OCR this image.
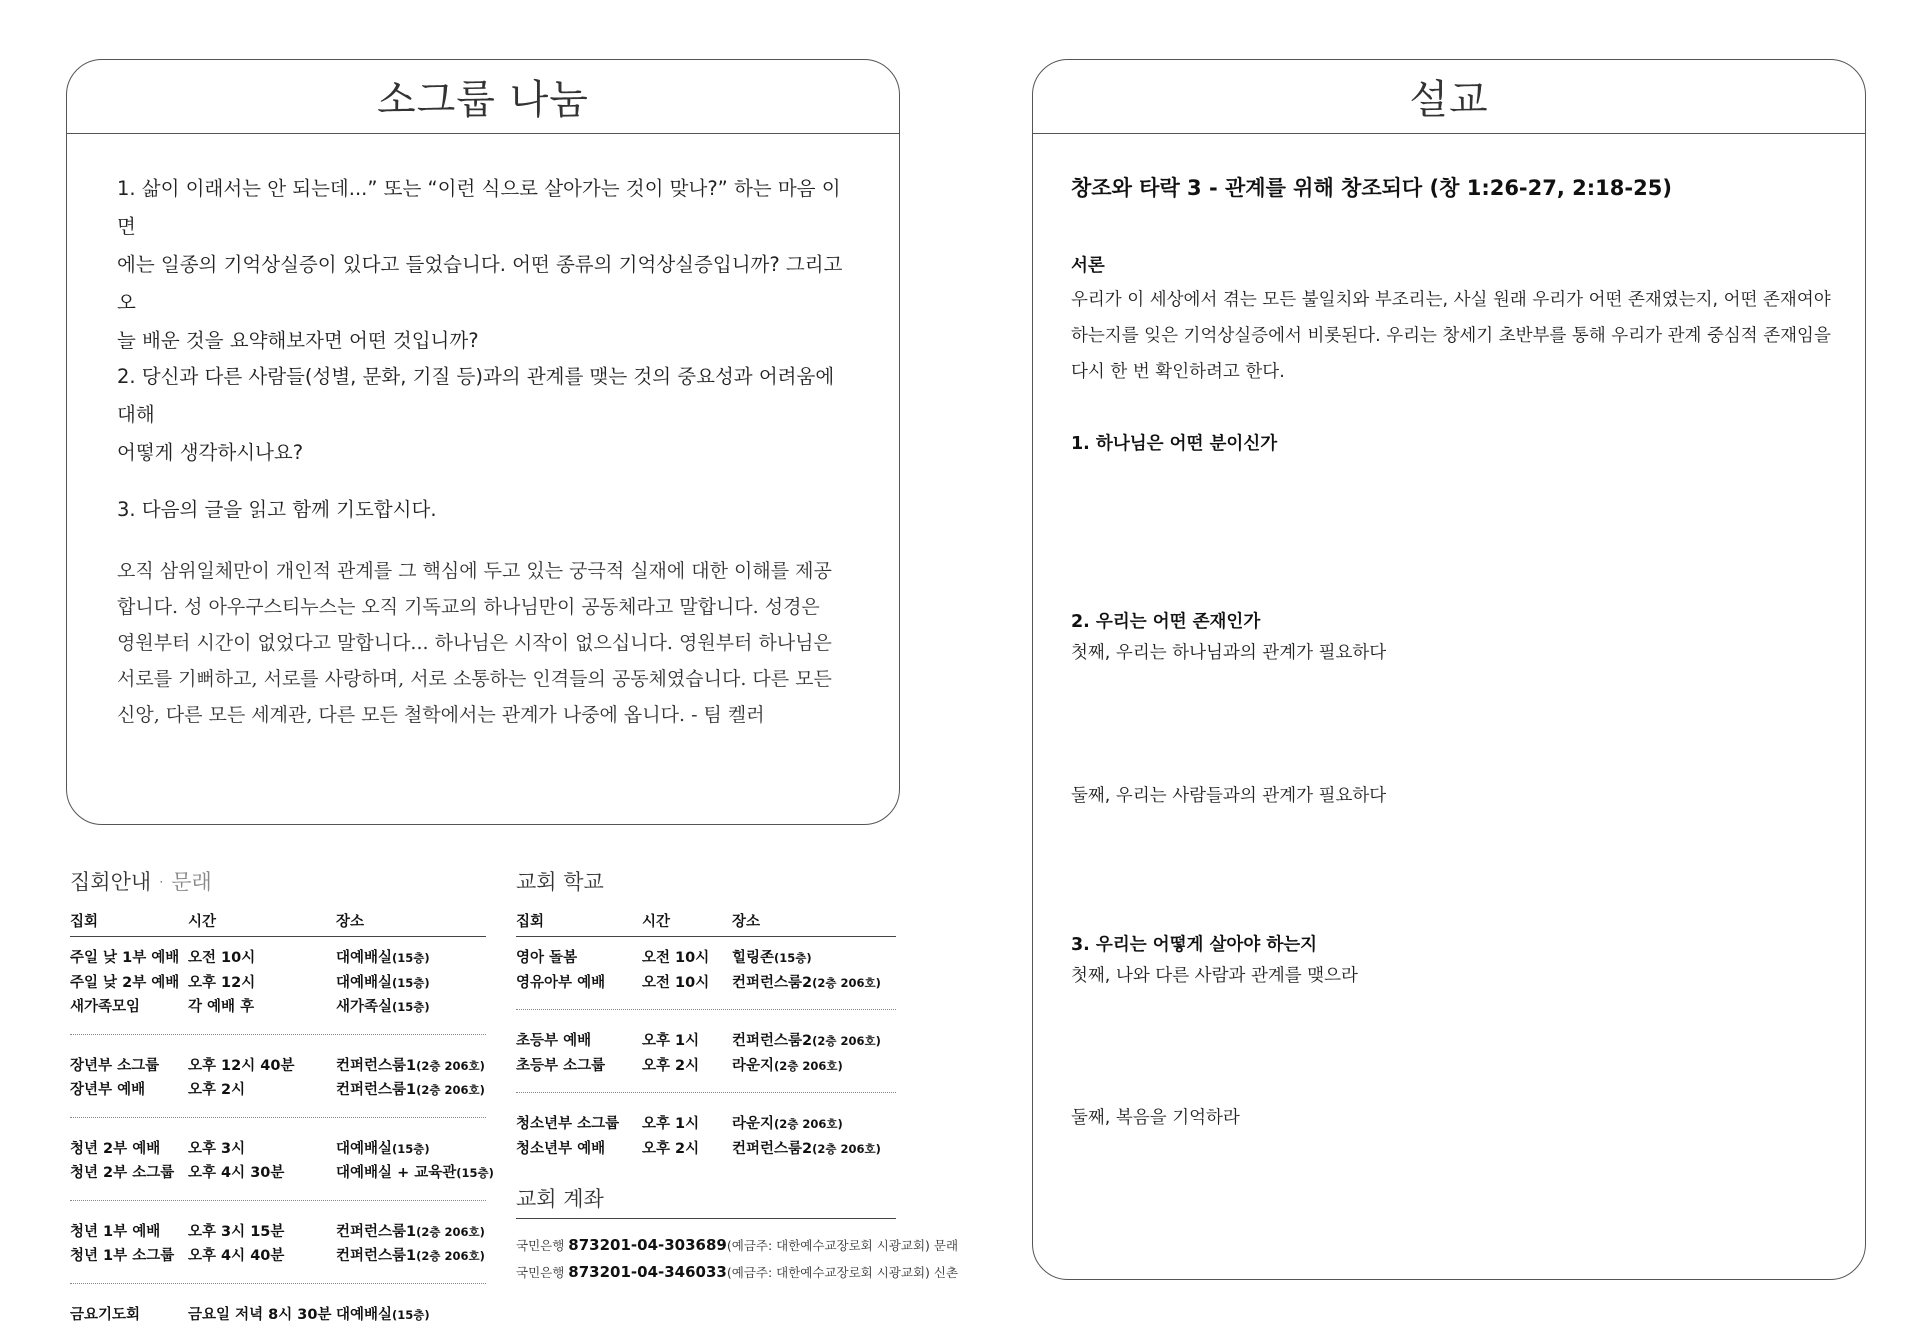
소그룹 나눔
1. 삶이 이래서는 안 되는데...” 또는 “이런 식으로 살아가는 것이 맞나?” 하는 마음 이면
에는 일종의 기억상실증이 있다고 들었습니다. 어떤 종류의 기억상실증입니까? 그리고 오
늘 배운 것을 요약해보자면 어떤 것입니까?
2. 당신과 다른 사람들(성별, 문화, 기질 등)과의 관계를 맺는 것의 중요성과 어려움에 대해
어떻게 생각하시나요?
3. 다음의 글을 읽고 함께 기도합시다.
오직 삼위일체만이 개인적 관계를 그 핵심에 두고 있는 궁극적 실재에 대한 이해를 제공
합니다. 성 아우구스티누스는 오직 기독교의 하나님만이 공동체라고 말합니다. 성경은
영원부터 시간이 없었다고 말합니다... 하나님은 시작이 없으십니다. 영원부터 하나님은
서로를 기뻐하고, 서로를 사랑하며, 서로 소통하는 인격들의 공동체였습니다. 다른 모든
신앙, 다른 모든 세계관, 다른 모든 철학에서는 관계가 나중에 옵니다. - 팀 켈러
설교
창조와 타락 3 - 관계를 위해 창조되다 (창 1:26-27, 2:18-25)
서론
우리가 이 세상에서 겪는 모든 불일치와 부조리는, 사실 원래 우리가 어떤 존재였는지, 어떤 존재여야
하는지를 잊은 기억상실증에서 비롯된다. 우리는 창세기 초반부를 통해 우리가 관계 중심적 존재임을
다시 한 번 확인하려고 한다.
1. 하나님은 어떤 분이신가
2. 우리는 어떤 존재인가
첫째, 우리는 하나님과의 관계가 필요하다
둘째, 우리는 사람들과의 관계가 필요하다
3. 우리는 어떻게 살아야 하는지
첫째, 나와 다른 사람과 관계를 맺으라
둘째, 복음을 기억하라
집회안내 · 문래
집회	시간	장소
주일 낮 1부 예배 오전 10시	대예배실(15층)
주일 낮 2부 예배 오후 12시	대예배실(15층)
새가족모임	각 예배 후	새가족실(15층)
장년부 소그룹 오후 12시 40분	컨퍼런스룸1(2층 206호)
장년부 예배	오후 2시	컨퍼런스룸1(2층 206호)
청년 2부 예배 오후 3시	대예배실(15층)
청년 2부 소그룹 오후 4시 30분	대예배실 + 교육관(15층)
청년 1부 예배 오후 3시 15분	컨퍼런스룸1(2층 206호)
청년 1부 소그룹 오후 4시 40분	컨퍼런스룸1(2층 206호)
금요기도회	금요일 저녁 8시 30분 대예배실(15층)
교회 학교
집회	시간	장소
영아 돌봄	오전 10시 힐링존(15층)
영유아부 예배	오전 10시 컨퍼런스룸2(2층 206호)
초등부 예배	오후 1시 컨퍼런스룸2(2층 206호)
초등부 소그룹	오후 2시 라운지(2층 206호)
청소년부 소그룹 오후 1시 라운지(2층 206호)
청소년부 예배	오후 2시 컨퍼런스룸2(2층 206호)
교회 계좌
국민은행 873201-04-303689(예금주: 대한예수교장로회 시광교회) 문래
국민은행 873201-04-346033(예금주: 대한예수교장로회 시광교회) 신촌
